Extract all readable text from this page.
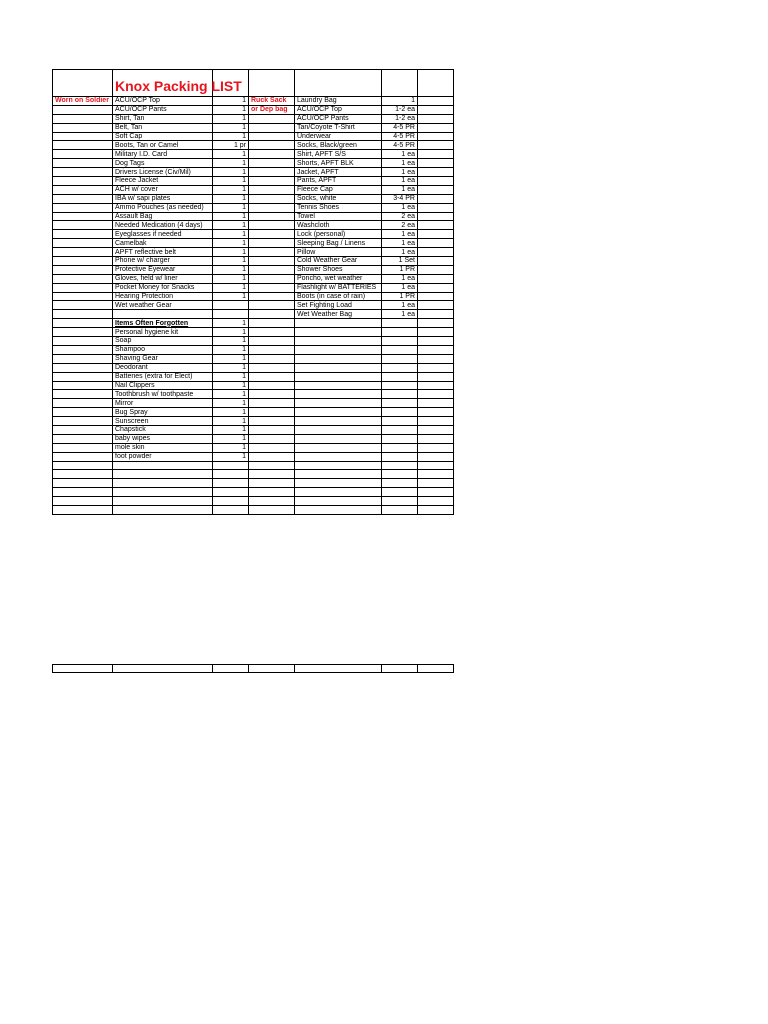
	Knox Packing LIST					

Worn on Soldier	ACU/OCP Top	1	Ruck Sack	Laundry Bag	1	
	ACU/OCP Pants	1	or Dep bag	ACU/OCP Top	1-2 ea	
	Shirt, Tan	1		ACU/OCP Pants	1-2 ea	
	Belt, Tan	1		Tan/Coyote T-Shirt	4-5 PR	
	Soft Cap	1		Underwear	4-5 PR	
	Boots, Tan or Camel	1 pr		Socks, Black/green	4-5 PR	
	Military I.D. Card	1		Shirt, APFT S/S	1 ea	
	Dog Tags	1		Shorts, APFT BLK	1 ea	
	Drivers License (Civ/Mil)	1		Jacket, APFT	1 ea	
	Fleece Jacket	1		Pants, APFT	1 ea	
	ACH w/ cover	1		Fleece Cap	1 ea	
	IBA w/ sapi plates	1		Socks, white	3-4 PR	
	Ammo Pouches (as needed)	1		Tennis Shoes	1 ea	
	Assault Bag	1		Towel	2 ea	
	Needed Medication (4 days)	1		Washcloth	2 ea	
	Eyeglasses if needed	1		Lock (personal)	1 ea	
	Camelbak	1		Sleeping Bag / Linens	1 ea	
	APFT reflective belt	1		Pillow	1 ea	
	Phone w/ charger	1		Cold Weather Gear	1 Set	
	Protective Eyewear	1		Shower Shoes	1 PR	
	Gloves, field w/ liner	1		Poncho, wet weather	1 ea	
	Pocket Money for Snacks	1		Flashlight w/ BATTERIES	1 ea	
	Hearing Protection	1		Boots (in case of rain)	1 PR	
	Wet weather Gear			Set Fighting Load	1 ea	
				Wet Weather Bag	1 ea	
	Items Often Forgotten	1				
	Personal hygiene kit	1				
	Soap	1				
	Shampoo	1				
	Shaving Gear	1				
	Deodorant	1				
	Batteries (extra for Elect)	1				
	Nail Clippers	1				
	Toothbrush w/ toothpaste	1				
	Mirror	1				
	Bug Spray	1				
	Sunscreen	1				
	Chapstick	1				
	baby wipes	1				
	mole skin	1				
	foot powder	1				
